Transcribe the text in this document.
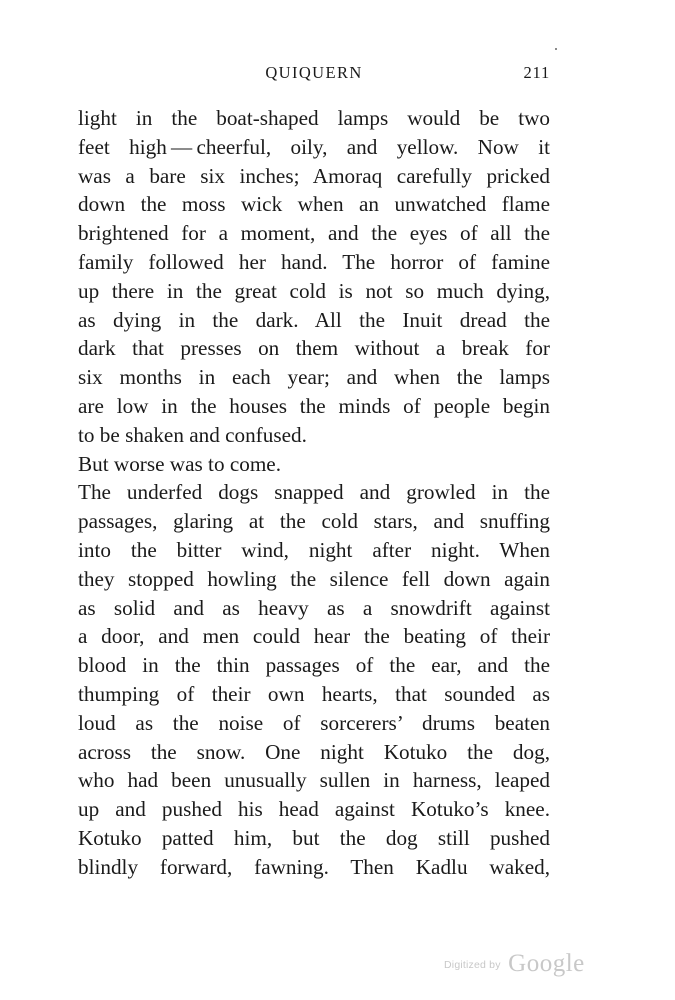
QUIQUERN	211
light in the boat-shaped lamps would be two
feet high — cheerful, oily, and yellow. Now it
was a bare six inches; Amoraq carefully pricked
down the moss wick when an unwatched flame
brightened for a moment, and the eyes of all the
family followed her hand. The horror of famine
up there in the great cold is not so much dying,
as dying in the dark. All the Inuit dread the
dark that presses on them without a break for
six months in each year; and when the lamps
are low in the houses the minds of people begin
to be shaken and confused.
But worse was to come.
The underfed dogs snapped and growled in the
passages, glaring at the cold stars, and snuffing
into the bitter wind, night after night. When
they stopped howling the silence fell down again
as solid and as heavy as a snowdrift against
a door, and men could hear the beating of their
blood in the thin passages of the ear, and the
thumping of their own hearts, that sounded as
loud as the noise of sorcerers’ drums beaten
across the snow. One night Kotuko the dog,
who had been unusually sullen in harness, leaped
up and pushed his head against Kotuko’s knee.
Kotuko patted him, but the dog still pushed
blindly forward, fawning. Then Kadlu waked,
Digitized by Google
